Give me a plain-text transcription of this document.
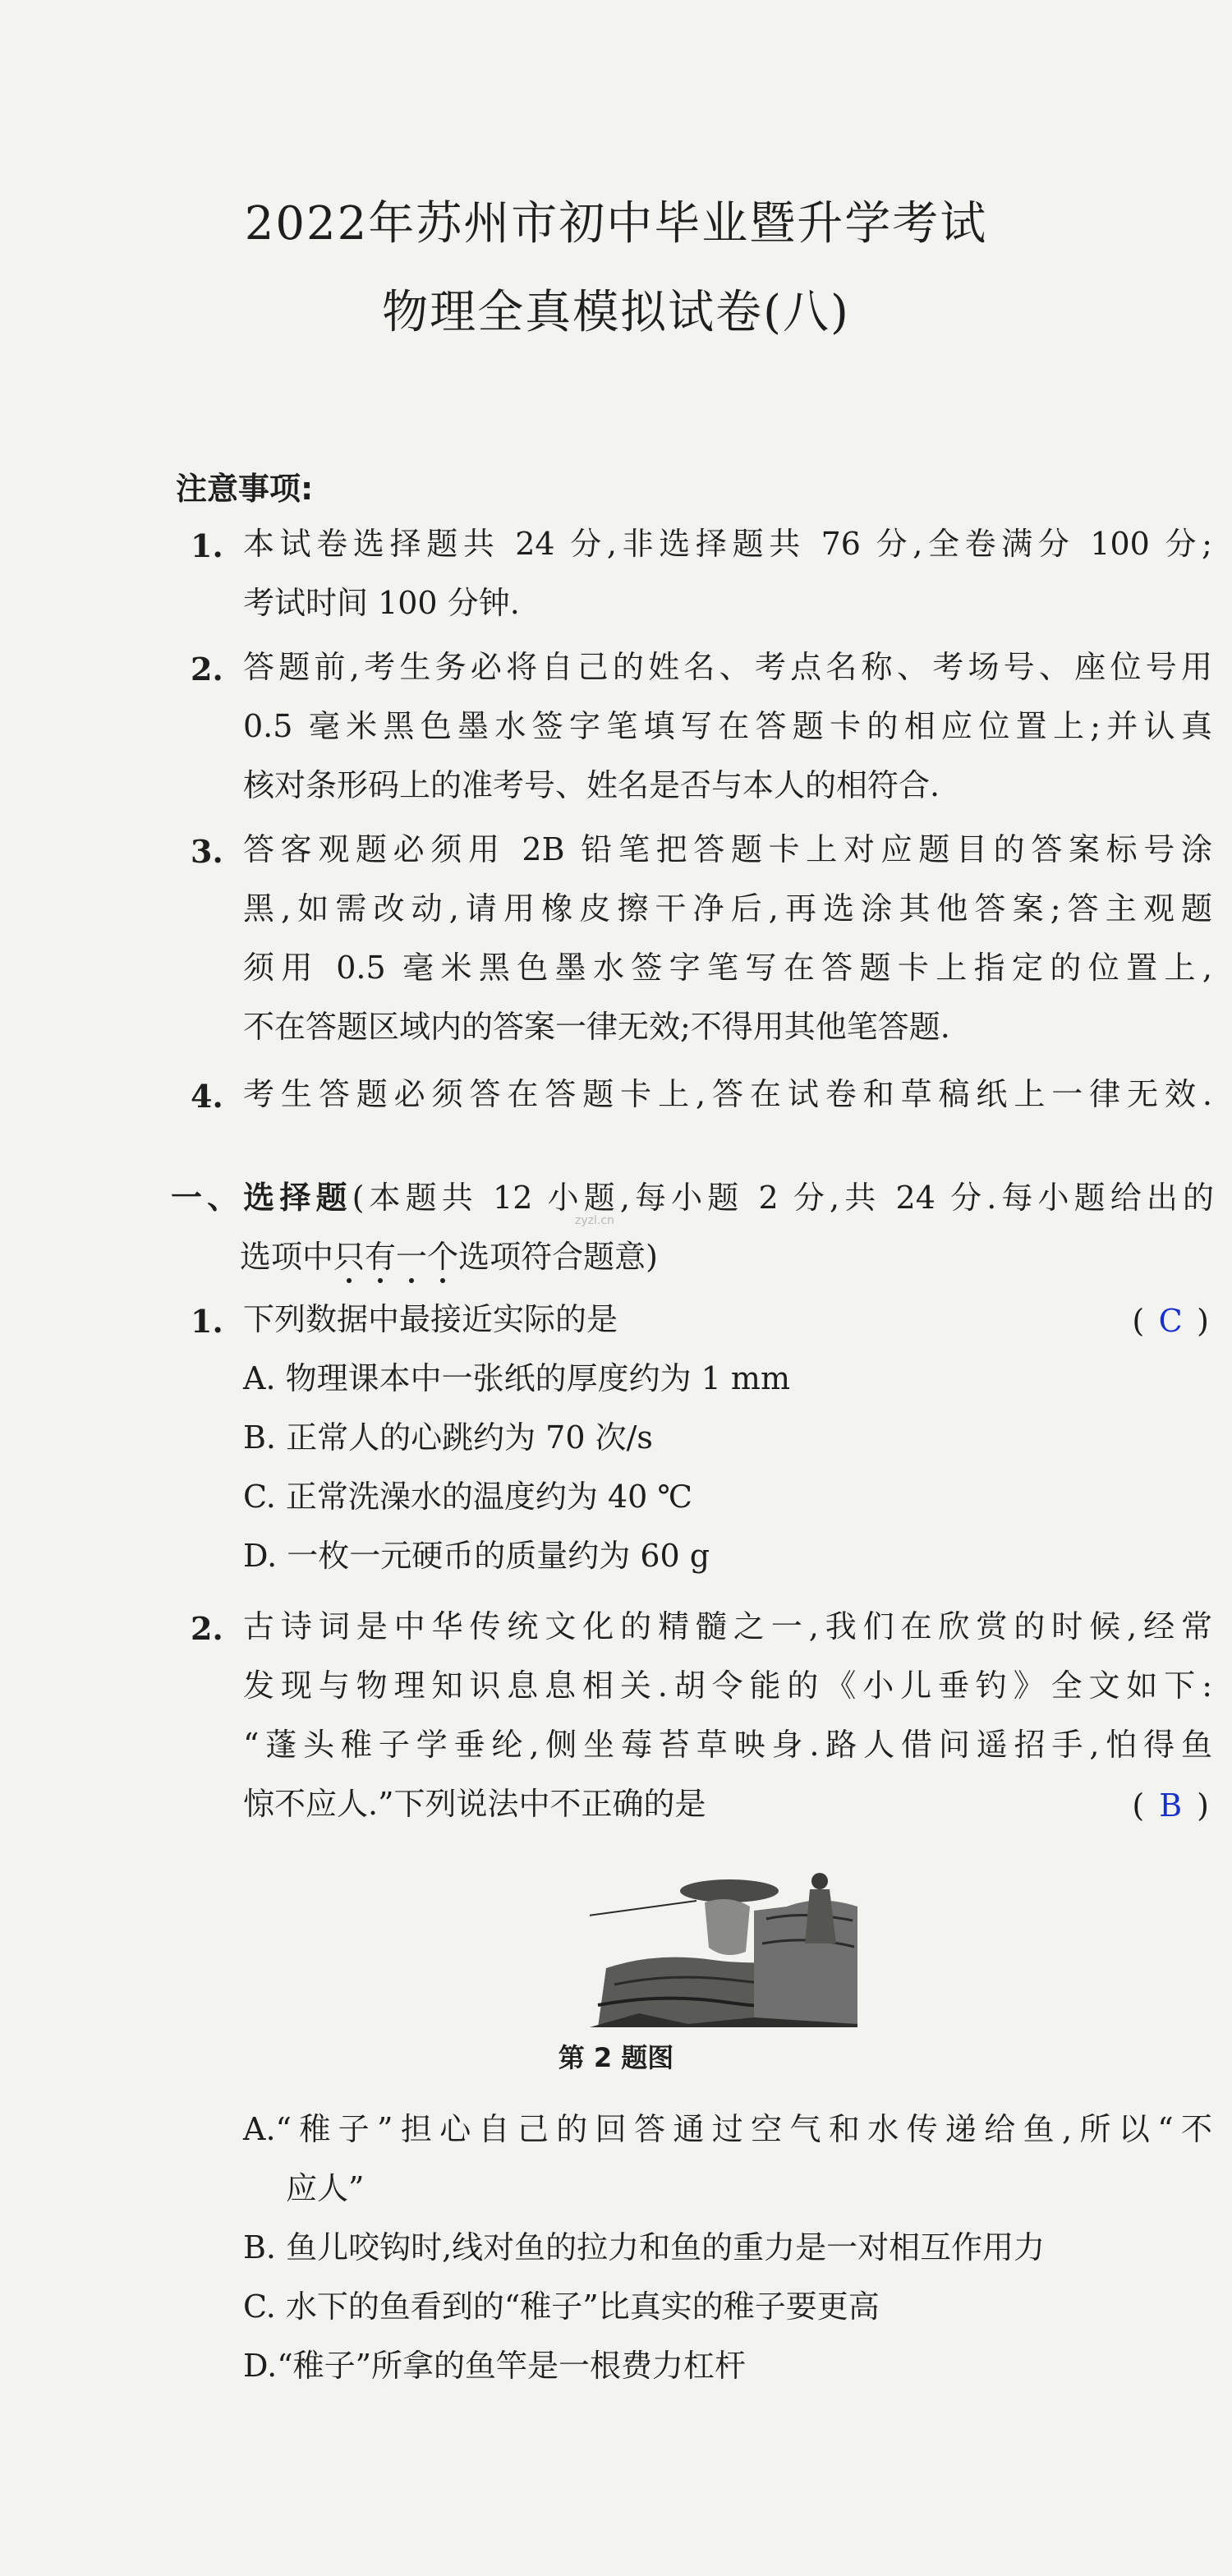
2022年苏州市初中毕业暨升学考试
物理全真模拟试卷(八)
注意事项:
1. 本试卷选择题共 24 分,非选择题共 76 分,全卷满分 100 分;
考试时间 100 分钟.
2. 答题前,考生务必将自己的姓名、考点名称、考场号、座位号用
0.5 毫米黑色墨水签字笔填写在答题卡的相应位置上;并认真
核对条形码上的准考号、姓名是否与本人的相符合.
3. 答客观题必须用 2B 铅笔把答题卡上对应题目的答案标号涂
黑,如需改动,请用橡皮擦干净后,再选涂其他答案;答主观题
须用 0.5 毫米黑色墨水签字笔写在答题卡上指定的位置上,
不在答题区域内的答案一律无效;不得用其他笔答题.
4. 考生答题必须答在答题卡上,答在试卷和草稿纸上一律无效.
一、选择题(本题共 12 小题,每小题 2 分,共 24 分.每小题给出的
选项中只有一个选项符合题意)
zyzl.cn
1. 下列数据中最接近实际的是	( C )
A. 物理课本中一张纸的厚度约为 1 mm
B. 正常人的心跳约为 70 次/s
C. 正常洗澡水的温度约为 40 ℃
D. 一枚一元硬币的质量约为 60 g
2. 古诗词是中华传统文化的精髓之一,我们在欣赏的时候,经常
发现与物理知识息息相关.胡令能的《小儿垂钓》全文如下:
“蓬头稚子学垂纶,侧坐莓苔草映身.路人借问遥招手,怕得鱼
惊不应人.”下列说法中不正确的是	( B )
第 2 题图
A.“稚子”担心自己的回答通过空气和水传递给鱼,所以“不
应人”
B. 鱼儿咬钩时,线对鱼的拉力和鱼的重力是一对相互作用力
C. 水下的鱼看到的“稚子”比真实的稚子要更高
D.“稚子”所拿的鱼竿是一根费力杠杆
